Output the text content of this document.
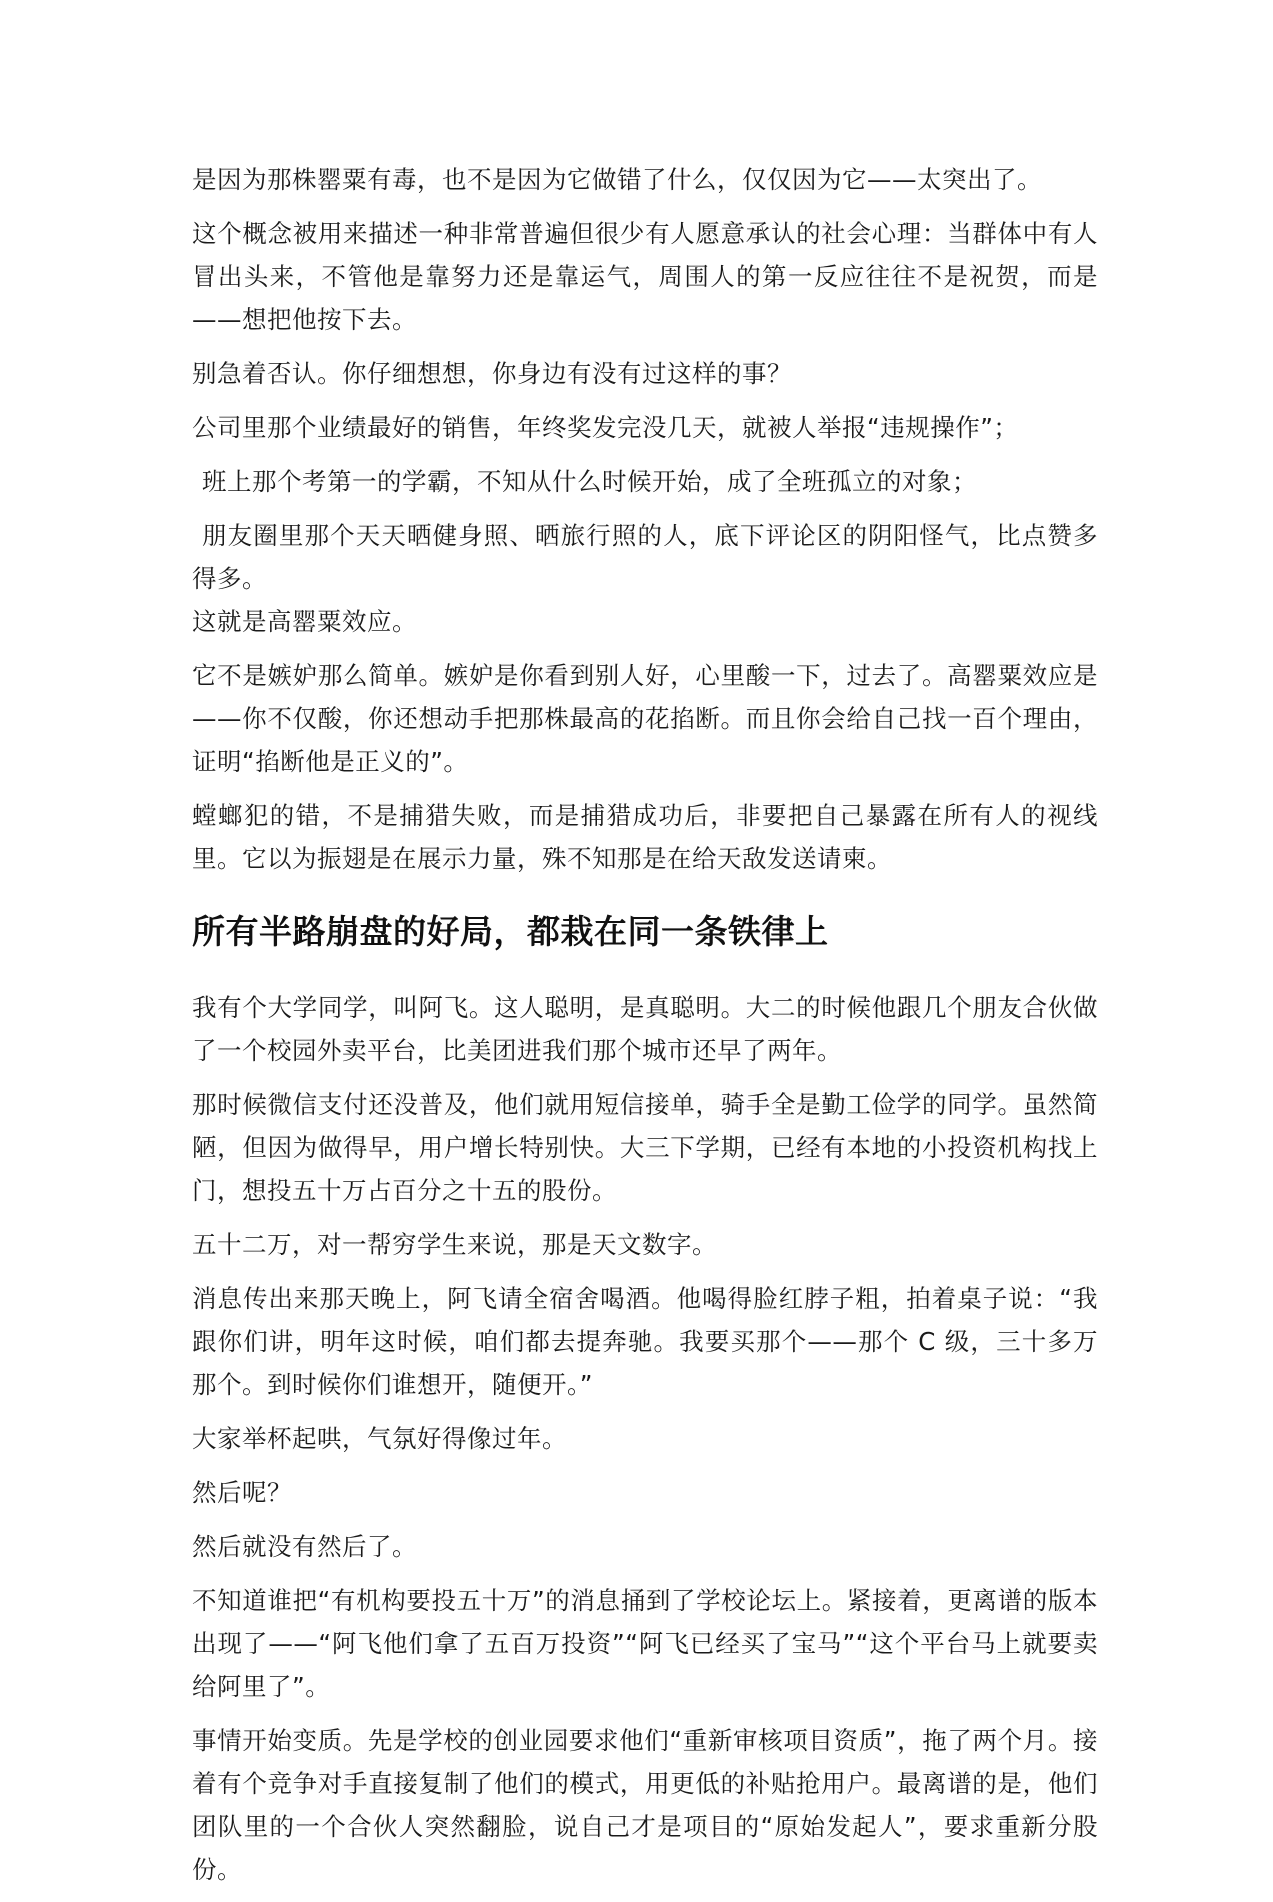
是因为那株罂粟有毒，也不是因为它做错了什么，仅仅因为它——太突出了。

这个概念被用来描述一种非常普遍但很少有人愿意承认的社会心理：当群体中有人冒出头来，不管他是靠努力还是靠运气，周围人的第一反应往往不是祝贺，而是——想把他按下去。

别急着否认。你仔细想想，你身边有没有过这样的事？

公司里那个业绩最好的销售，年终奖发完没几天，就被人举报“违规操作”；

班上那个考第一的学霸，不知从什么时候开始，成了全班孤立的对象；

朋友圈里那个天天晒健身照、晒旅行照的人，底下评论区的阴阳怪气，比点赞多得多。

这就是高罂粟效应。

它不是嫉妒那么简单。嫉妒是你看到别人好，心里酸一下，过去了。高罂粟效应是——你不仅酸，你还想动手把那株最高的花掐断。而且你会给自己找一百个理由，证明“掐断他是正义的”。

螳螂犯的错，不是捕猎失败，而是捕猎成功后，非要把自己暴露在所有人的视线里。它以为振翅是在展示力量，殊不知那是在给天敌发送请柬。

所有半路崩盘的好局，都栽在同一条铁律上

我有个大学同学，叫阿飞。这人聪明，是真聪明。大二的时候他跟几个朋友合伙做了一个校园外卖平台，比美团进我们那个城市还早了两年。

那时候微信支付还没普及，他们就用短信接单，骑手全是勤工俭学的同学。虽然简陋，但因为做得早，用户增长特别快。大三下学期，已经有本地的小投资机构找上门，想投五十万占百分之十五的股份。

五十二万，对一帮穷学生来说，那是天文数字。

消息传出来那天晚上，阿飞请全宿舍喝酒。他喝得脸红脖子粗，拍着桌子说：“我跟你们讲，明年这时候，咱们都去提奔驰。我要买那个——那个 C 级，三十多万那个。到时候你们谁想开，随便开。”

大家举杯起哄，气氛好得像过年。

然后呢？

然后就没有然后了。

不知道谁把“有机构要投五十万”的消息捅到了学校论坛上。紧接着，更离谱的版本出现了——“阿飞他们拿了五百万投资”“阿飞已经买了宝马”“这个平台马上就要卖给阿里了”。

事情开始变质。先是学校的创业园要求他们“重新审核项目资质”，拖了两个月。接着有个竞争对手直接复制了他们的模式，用更低的补贴抢用户。最离谱的是，他们团队里的一个合伙人突然翻脸，说自己才是项目的“原始发起人”，要求重新分股份。
